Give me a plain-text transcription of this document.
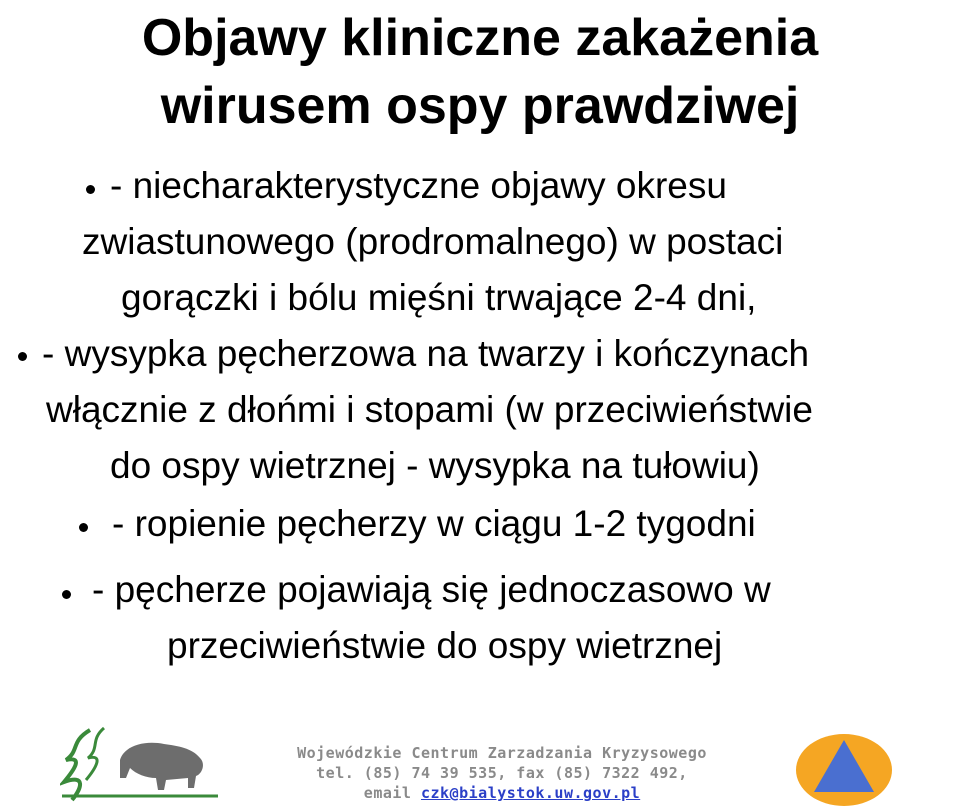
Objawy kliniczne zakażenia
wirusem ospy prawdziwej
- niecharakterystyczne objawy okresu
zwiastunowego (prodromalnego) w postaci
gorączki i bólu mięśni trwające 2-4 dni,
- wysypka pęcherzowa na twarzy i kończynach
włącznie z dłońmi i stopami (w przeciwieństwie
do ospy wietrznej - wysypka na tułowiu)
- ropienie pęcherzy w ciągu 1-2 tygodni
- pęcherze pojawiają się jednoczasowo w
przeciwieństwie do ospy wietrznej
Wojewódzkie Centrum Zarzadzania Kryzysowego
tel. (85) 74 39 535, fax (85) 7322 492,
email czk@bialystok.uw.gov.pl
